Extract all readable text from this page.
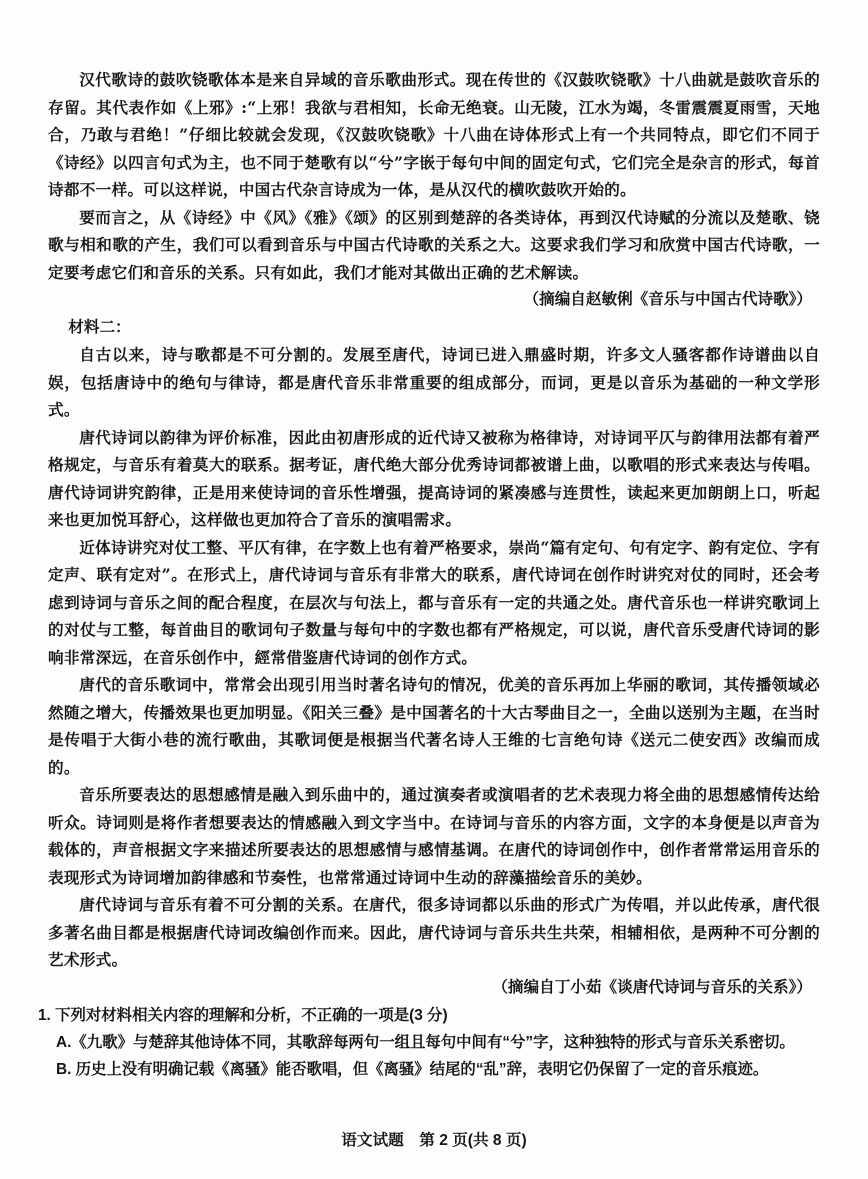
汉代歌诗的鼓吹铙歌体本是来自异域的音乐歌曲形式。现在传世的《汉鼓吹铙歌》十八曲就是鼓吹音乐的存留。其代表作如《上邪》:“上邪！我欲与君相知，长命无绝衰。山无陵，江水为竭，冬雷震震夏雨雪，天地合，乃敢与君绝！”仔细比较就会发现，《汉鼓吹铙歌》十八曲在诗体形式上有一个共同特点，即它们不同于《诗经》以四言句式为主，也不同于楚歌有以“兮”字嵌于每句中间的固定句式，它们完全是杂言的形式，每首诗都不一样。可以这样说，中国古代杂言诗成为一体，是从汉代的横吹鼓吹开始的。

要而言之，从《诗经》中《风》《雅》《颂》的区别到楚辞的各类诗体，再到汉代诗赋的分流以及楚歌、铙歌与相和歌的产生，我们可以看到音乐与中国古代诗歌的关系之大。这要求我们学习和欣赏中国古代诗歌，一定要考虑它们和音乐的关系。只有如此，我们才能对其做出正确的艺术解读。

（摘编自赵敏俐《音乐与中国古代诗歌》）
材料二：

自古以来，诗与歌都是不可分割的。发展至唐代，诗词已进入鼎盛时期，许多文人骚客都作诗谱曲以自娱，包括唐诗中的绝句与律诗，都是唐代音乐非常重要的组成部分，而词，更是以音乐为基础的一种文学形式。

唐代诗词以韵律为评价标准，因此由初唐形成的近代诗又被称为格律诗，对诗词平仄与韵律用法都有着严格规定，与音乐有着莫大的联系。据考证，唐代绝大部分优秀诗词都被谱上曲，以歌唱的形式来表达与传唱。唐代诗词讲究韵律，正是用来使诗词的音乐性增强，提高诗词的紧凑感与连贯性，读起来更加朗朗上口，听起来也更加悦耳舒心，这样做也更加符合了音乐的演唱需求。

近体诗讲究对仗工整、平仄有律，在字数上也有着严格要求，崇尚“篇有定句、句有定字、韵有定位、字有定声、联有定对”。在形式上，唐代诗词与音乐有非常大的联系，唐代诗词在创作时讲究对仗的同时，还会考虑到诗词与音乐之间的配合程度，在层次与句法上，都与音乐有一定的共通之处。唐代音乐也一样讲究歌词上的对仗与工整，每首曲目的歌词句子数量与每句中的字数也都有严格规定，可以说，唐代音乐受唐代诗词的影响非常深远，在音乐创作中，經常借鉴唐代诗词的创作方式。

唐代的音乐歌词中，常常会出现引用当时著名诗句的情况，优美的音乐再加上华丽的歌词，其传播领域必然随之增大，传播效果也更加明显。《阳关三叠》是中国著名的十大古琴曲目之一，全曲以送别为主题，在当时是传唱于大街小巷的流行歌曲，其歌词便是根据当代著名诗人王维的七言绝句诗《送元二使安西》改编而成的。

音乐所要表达的思想感情是融入到乐曲中的，通过演奏者或演唱者的艺术表现力将全曲的思想感情传达给听众。诗词则是将作者想要表达的情感融入到文字当中。在诗词与音乐的内容方面，文字的本身便是以声音为载体的，声音根据文字来描述所要表达的思想感情与感情基调。在唐代的诗词创作中，创作者常常运用音乐的表现形式为诗词增加韵律感和节奏性，也常常通过诗词中生动的辞藻描绘音乐的美妙。

唐代诗词与音乐有着不可分割的关系。在唐代，很多诗词都以乐曲的形式广为传唱，并以此传承，唐代很多著名曲目都是根据唐代诗词改编创作而来。因此，唐代诗词与音乐共生共荣，相辅相依，是两种不可分割的艺术形式。

（摘编自丁小茹《谈唐代诗词与音乐的关系》）
1. 下列对材料相关内容的理解和分析，不正确的一项是(3 分)
A.《九歌》与楚辞其他诗体不同，其歌辞每两句一组且每句中间有“兮”字，这种独特的形式与音乐关系密切。
B. 历史上没有明确记载《离骚》能否歌唱，但《离骚》结尾的“乱”辞，表明它仍保留了一定的音乐痕迹。
语文试题　第 2 页(共 8 页)
